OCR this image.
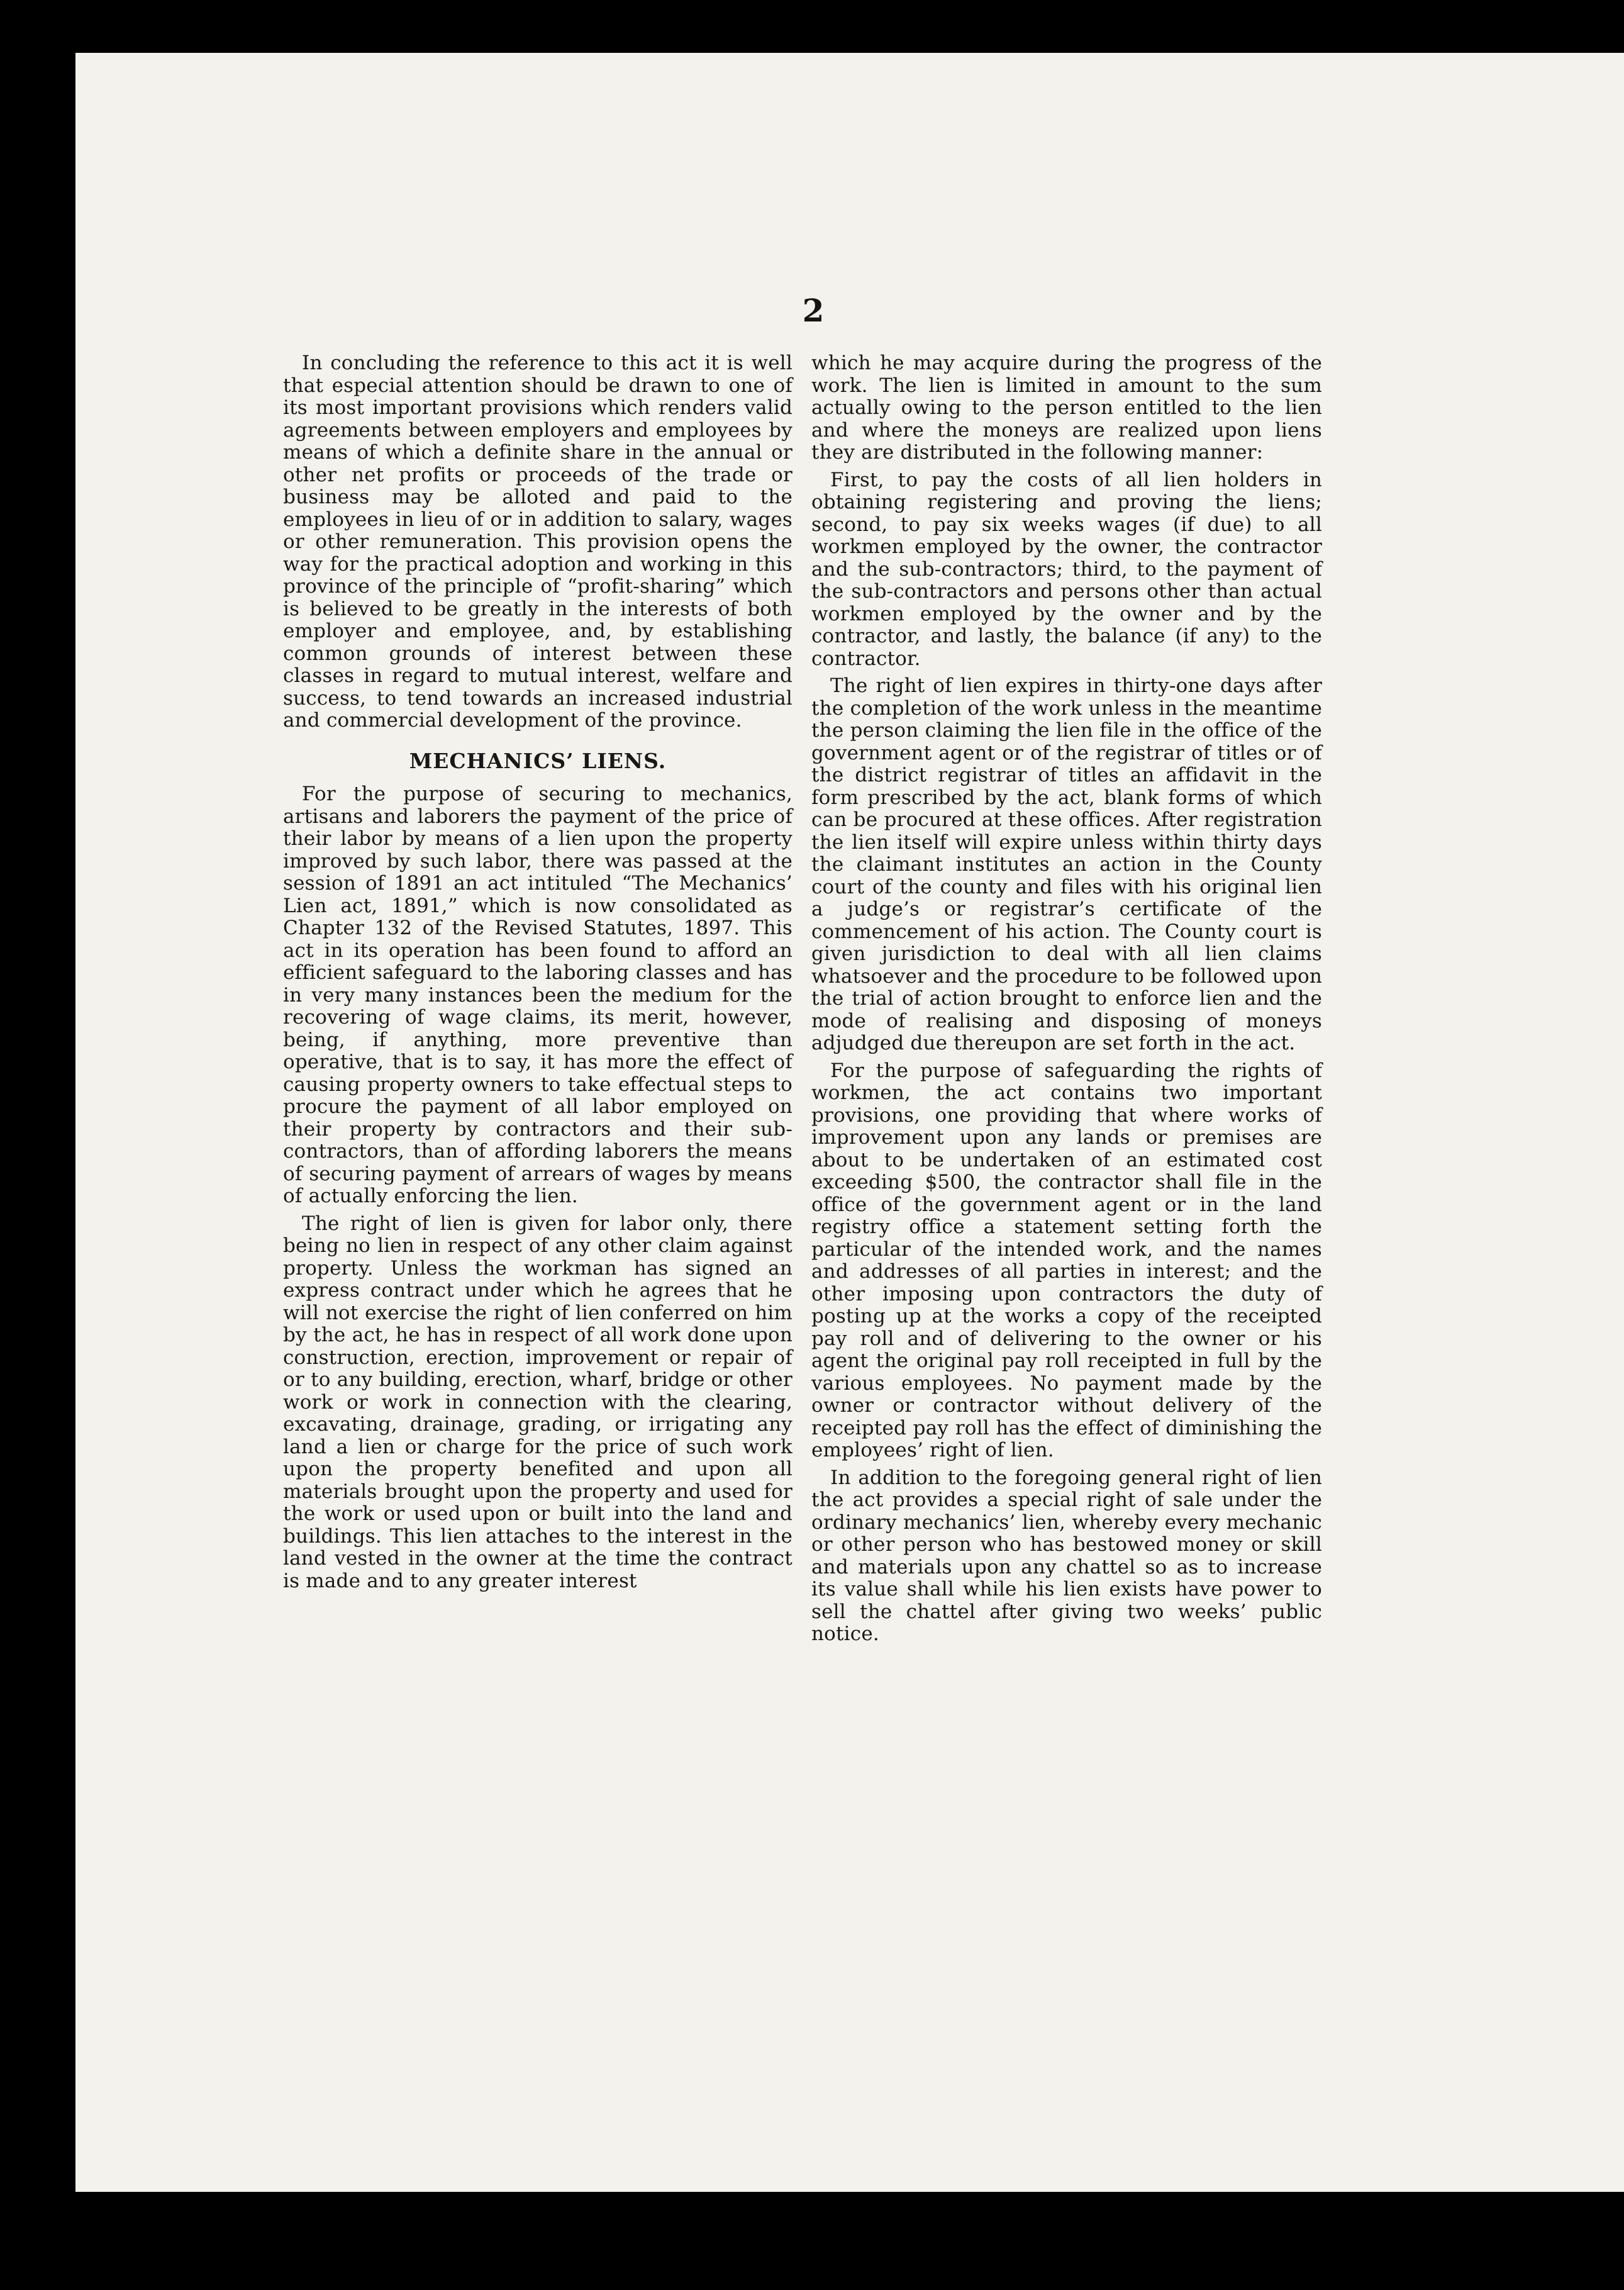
2

In concluding the reference to this act it is well that especial attention should be drawn to one of its most important provisions which renders valid agreements between employers and employees by means of which a definite share in the annual or other net profits or proceeds of the trade or business may be alloted and paid to the employees in lieu of or in addition to salary, wages or other remuneration. This provision opens the way for the practical adoption and working in this province of the principle of “profit-sharing” which is believed to be greatly in the interests of both employer and employee, and, by establishing common grounds of interest between these classes in regard to mutual interest, welfare and success, to tend towards an increased industrial and commercial development of the province.

MECHANICS’ LIENS.

For the purpose of securing to mechanics, artisans and laborers the payment of the price of their labor by means of a lien upon the property improved by such labor, there was passed at the session of 1891 an act intituled “The Mechanics’ Lien act, 1891,” which is now consolidated as Chapter 132 of the Revised Statutes, 1897. This act in its operation has been found to afford an efficient safeguard to the laboring classes and has in very many instances been the medium for the recovering of wage claims, its merit, however, being, if anything, more preventive than operative, that is to say, it has more the effect of causing property owners to take effectual steps to procure the payment of all labor employed on their property by contractors and their sub-contractors, than of affording laborers the means of securing payment of arrears of wages by means of actually enforcing the lien.

The right of lien is given for labor only, there being no lien in respect of any other claim against property. Unless the workman has signed an express contract under which he agrees that he will not exercise the right of lien conferred on him by the act, he has in respect of all work done upon construction, erection, improvement or repair of or to any building, erection, wharf, bridge or other work or work in connection with the clearing, excavating, drainage, grading, or irrigating any land a lien or charge for the price of such work upon the property benefited and upon all materials brought upon the property and used for the work or used upon or built into the land and buildings. This lien attaches to the interest in the land vested in the owner at the time the contract is made and to any greater interest

which he may acquire during the progress of the work. The lien is limited in amount to the sum actually owing to the person entitled to the lien and where the moneys are realized upon liens they are distributed in the following manner:

First, to pay the costs of all lien holders in obtaining registering and proving the liens; second, to pay six weeks wages (if due) to all workmen employed by the owner, the contractor and the sub-contractors; third, to the payment of the sub-contractors and persons other than actual workmen employed by the owner and by the contractor, and lastly, the balance (if any) to the contractor.

The right of lien expires in thirty-one days after the completion of the work unless in the meantime the person claiming the lien file in the office of the government agent or of the registrar of titles or of the district registrar of titles an affidavit in the form prescribed by the act, blank forms of which can be procured at these offices. After registration the lien itself will expire unless within thirty days the claimant institutes an action in the County court of the county and files with his original lien a judge’s or registrar’s certificate of the commencement of his action. The County court is given jurisdiction to deal with all lien claims whatsoever and the procedure to be followed upon the trial of action brought to enforce lien and the mode of realising and disposing of moneys adjudged due thereupon are set forth in the act.

For the purpose of safeguarding the rights of workmen, the act contains two important provisions, one providing that where works of improvement upon any lands or premises are about to be undertaken of an estimated cost exceeding $500, the contractor shall file in the office of the government agent or in the land registry office a statement setting forth the particular of the intended work, and the names and addresses of all parties in interest; and the other imposing upon contractors the duty of posting up at the works a copy of the receipted pay roll and of delivering to the owner or his agent the original pay roll receipted in full by the various employees. No payment made by the owner or contractor without delivery of the receipted pay roll has the effect of diminishing the employees’ right of lien.

In addition to the foregoing general right of lien the act provides a special right of sale under the ordinary mechanics’ lien, whereby every mechanic or other person who has bestowed money or skill and materials upon any chattel so as to increase its value shall while his lien exists have power to sell the chattel after giving two weeks’ public notice.
